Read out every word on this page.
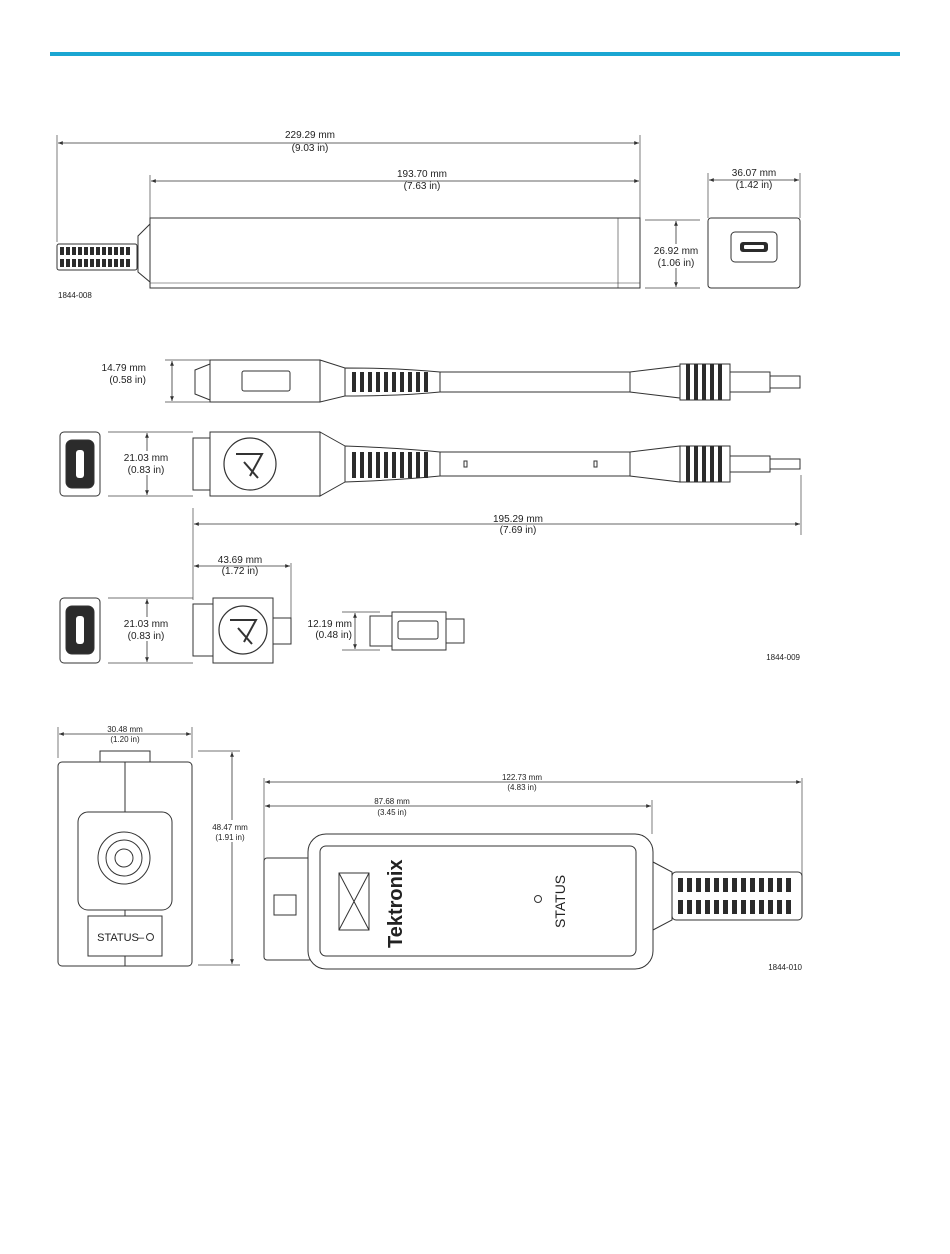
229.29 mm
(9.03 in)
193.70 mm
(7.63 in)
36.07 mm
(1.42 in)
26.92 mm
(1.06 in)
1844-008
14.79 mm
(0.58 in)
21.03 mm
(0.83 in)
195.29 mm
(7.69 in)
43.69 mm
(1.72 in)
21.03 mm
(0.83 in)
12.19 mm
(0.48 in)
1844-009
STATUS –	Tektronix	STATUS
30.48 mm
(1.20 in)
48.47 mm
(1.91 in)
122.73 mm
(4.83 in)
87.68 mm
(3.45 in)
1844-010
